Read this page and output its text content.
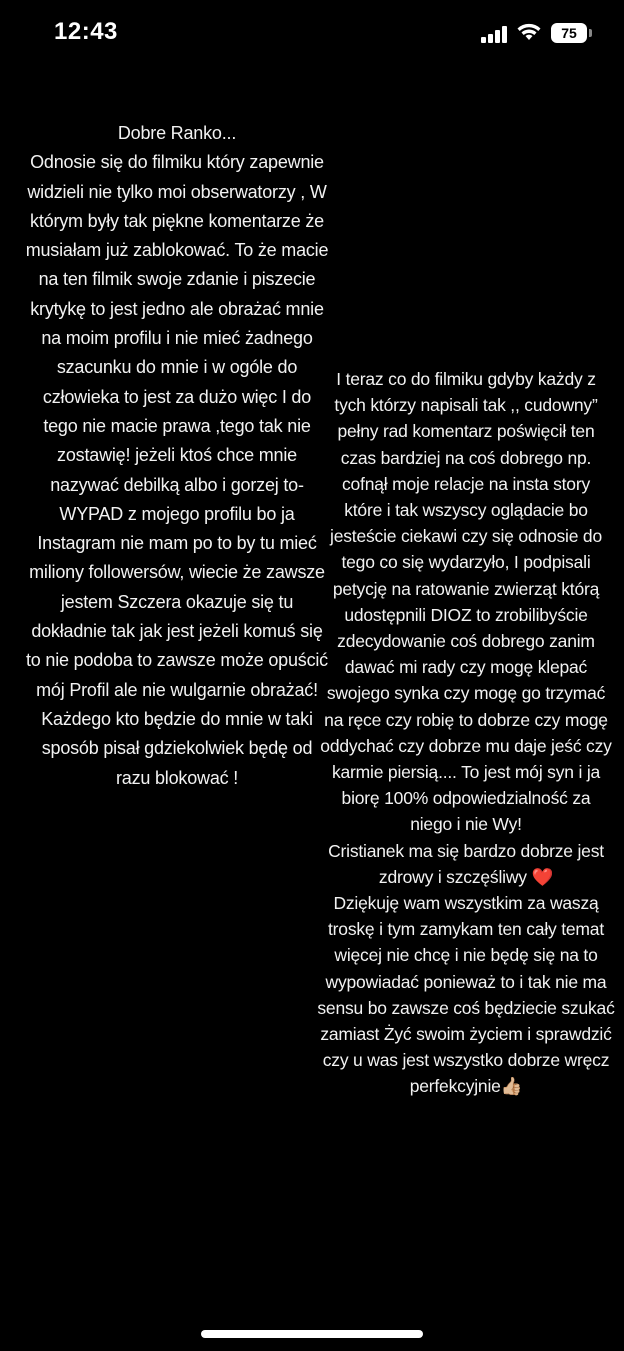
12:43	75
Dobre Ranko...
Odnosie się do filmiku który zapewnie
widzieli nie tylko moi obserwatorzy , W
którym były tak piękne komentarze że
musiałam już zablokować. To że macie
na ten filmik swoje zdanie i piszecie
krytykę to jest jedno ale obrażać mnie
na moim profilu i nie mieć żadnego
szacunku do mnie i w ogóle do
człowieka to jest za dużo więc I do
tego nie macie prawa ,tego tak nie
zostawię! jeżeli ktoś chce mnie
nazywać debilką albo i gorzej to-
WYPAD z mojego profilu bo ja
Instagram nie mam po to by tu mieć
miliony followersów, wiecie że zawsze
jestem Szczera okazuje się tu
dokładnie tak jak jest jeżeli komuś się
to nie podoba to zawsze może opuścić
mój Profil ale nie wulgarnie obrażać!
Każdego kto będzie do mnie w taki
sposób pisał gdziekolwiek będę od
razu blokować !
I teraz co do filmiku gdyby każdy z
tych którzy napisali tak ,, cudowny”
pełny rad komentarz poświęcił ten
czas bardziej na coś dobrego np.
cofnął moje relacje na insta story
które i tak wszyscy oglądacie bo
jesteście ciekawi czy się odnosie do
tego co się wydarzyło, I podpisali
petycję na ratowanie zwierząt którą
udostępnili DIOZ to zrobilibyście
zdecydowanie coś dobrego zanim
dawać mi rady czy mogę klepać
swojego synka czy mogę go trzymać
na ręce czy robię to dobrze czy mogę
oddychać czy dobrze mu daje jeść czy
karmie piersią.... To jest mój syn i ja
biorę 100% odpowiedzialność za
niego i nie Wy!
Cristianek ma się bardzo dobrze jest
zdrowy i szczęśliwy ❤️
Dziękuję wam wszystkim za waszą
troskę i tym zamykam ten cały temat
więcej nie chcę i nie będę się na to
wypowiadać ponieważ to i tak nie ma
sensu bo zawsze coś będziecie szukać
zamiast Żyć swoim życiem i sprawdzić
czy u was jest wszystko dobrze wręcz
perfekcyjnie👍🏼
